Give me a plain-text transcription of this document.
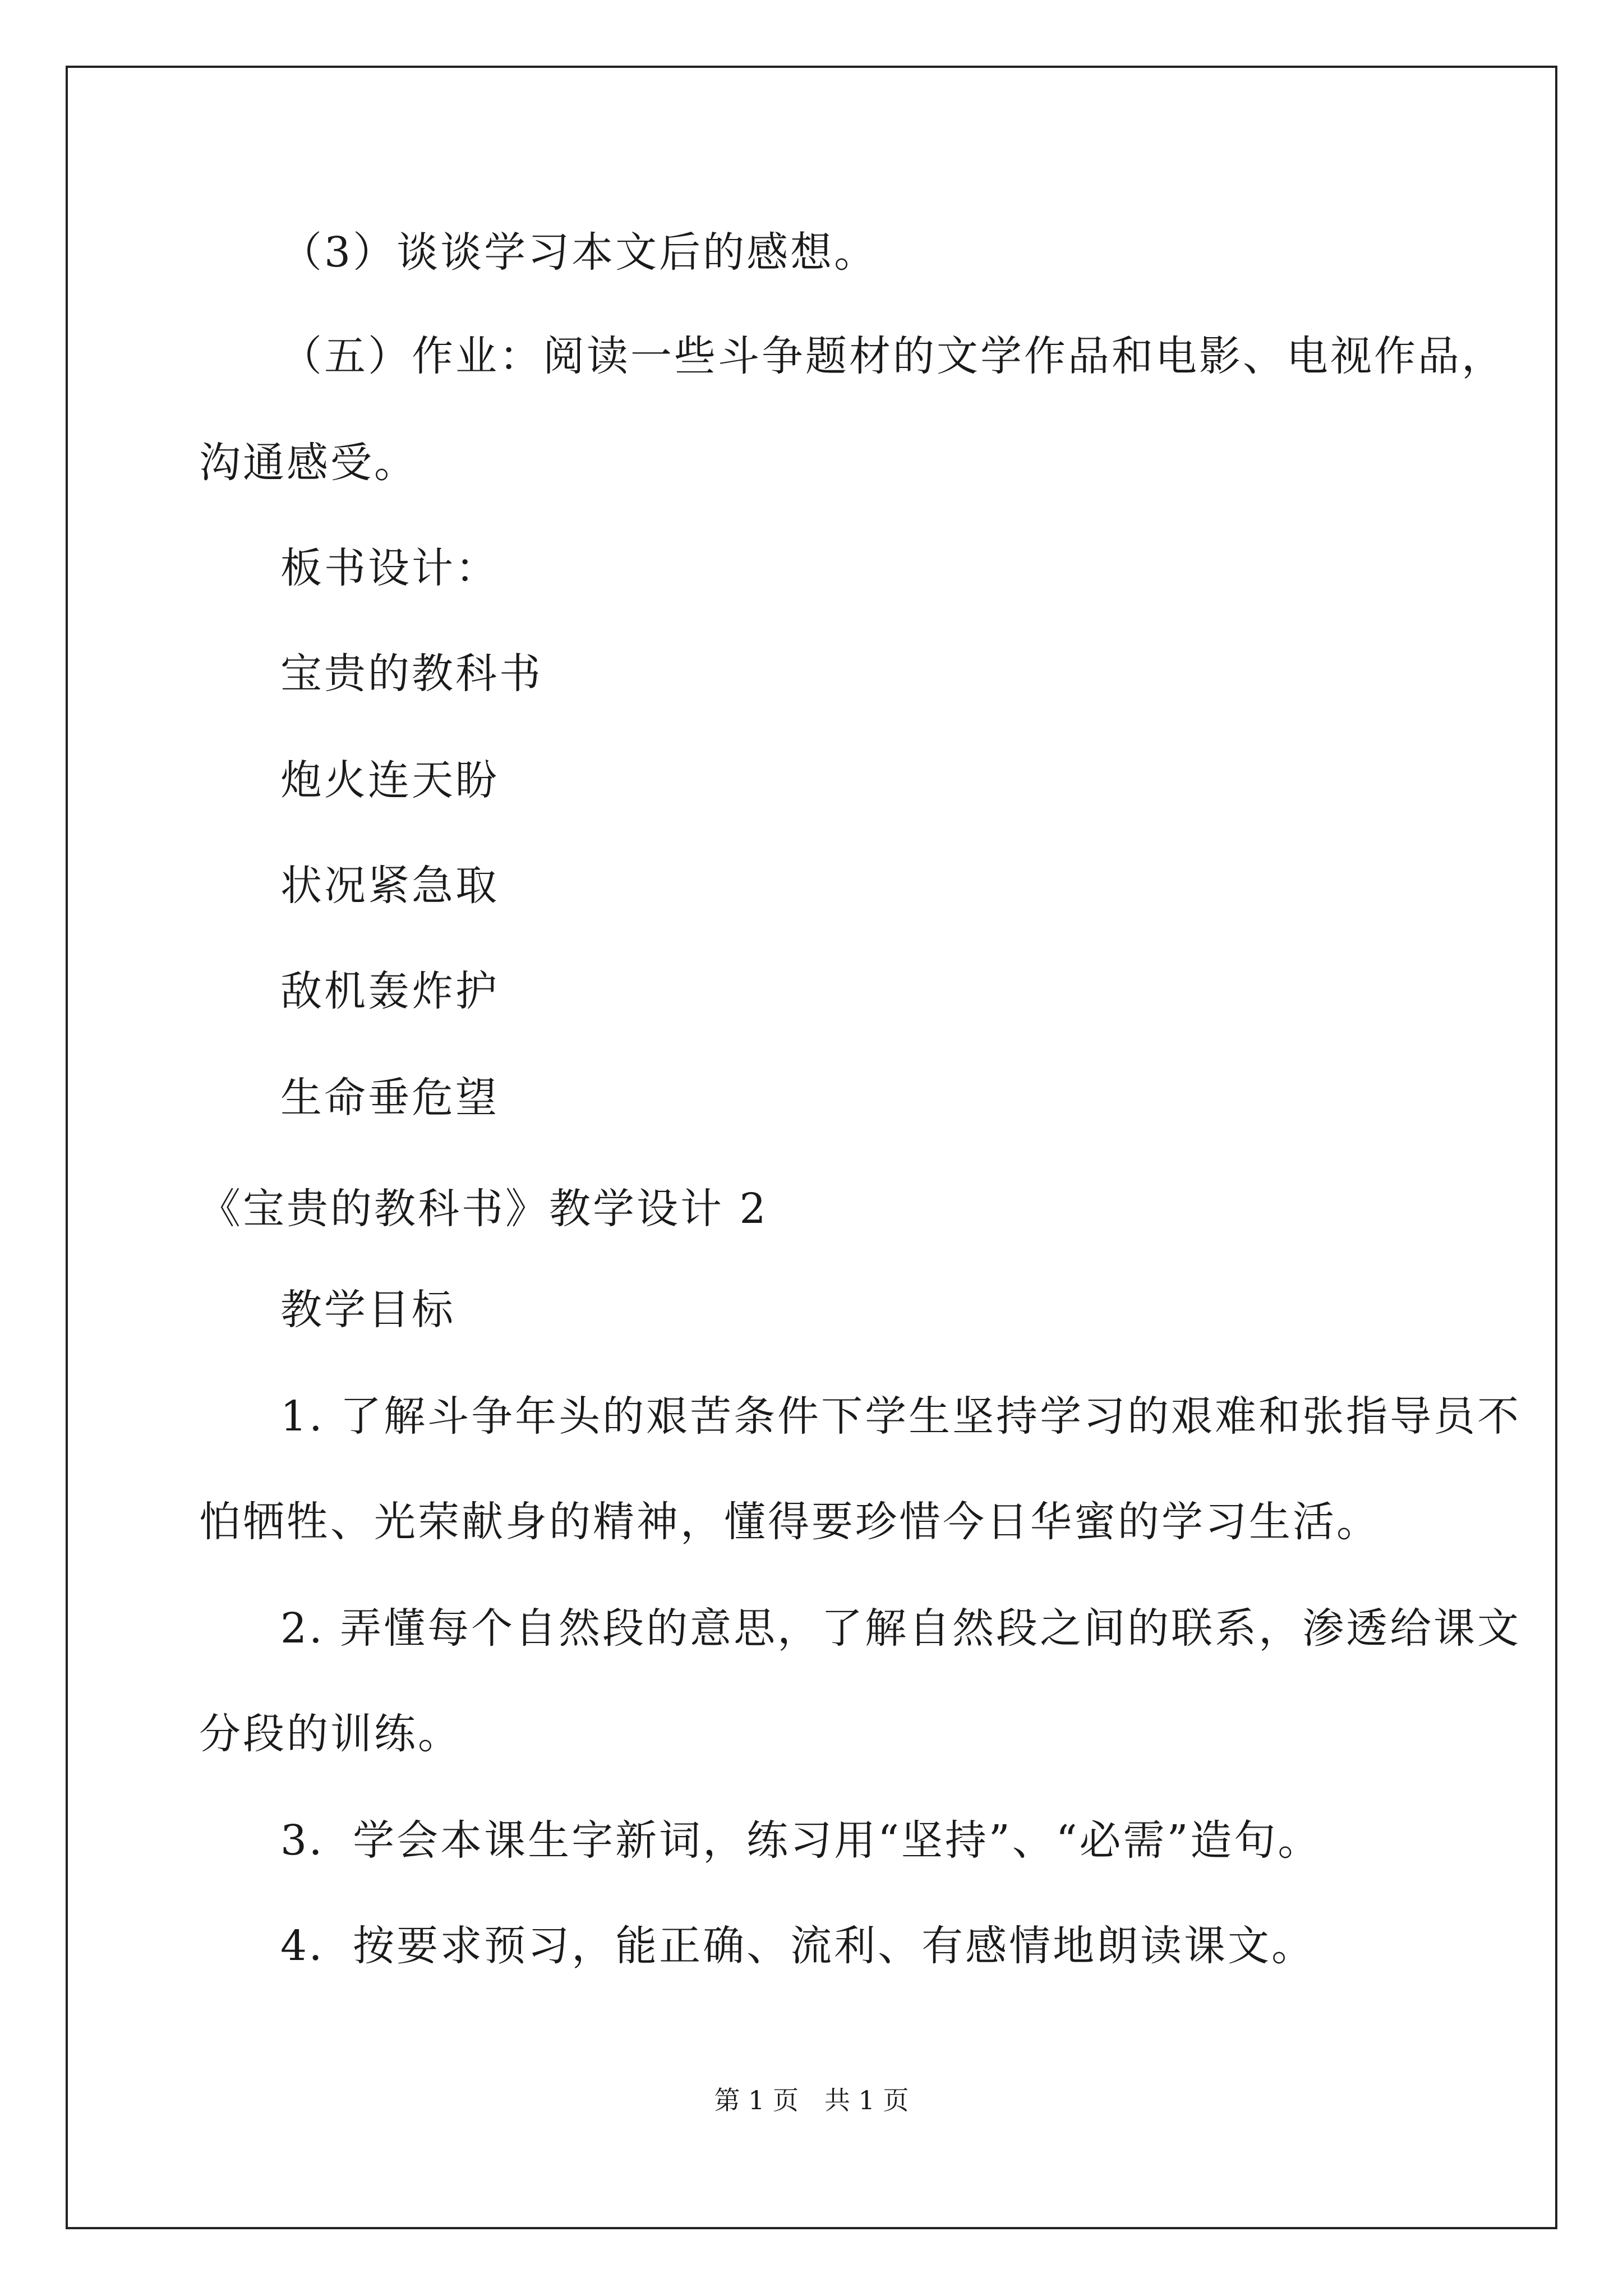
（3）谈谈学习本文后的感想。
（五）作业：阅读一些斗争题材的文学作品和电影、电视作品，
沟通感受。
板书设计：
宝贵的教科书
炮火连天盼
状况紧急取
敌机轰炸护
生命垂危望
《宝贵的教科书》教学设计 2
教学目标
1. 了解斗争年头的艰苦条件下学生坚持学习的艰难和张指导员不
怕牺牲、光荣献身的精神，懂得要珍惜今日华蜜的学习生活。
2. 弄懂每个自然段的意思，了解自然段之间的联系，渗透给课文
分段的训练。
3．学会本课生字新词，练习用“坚持”、“必需”造句。
4．按要求预习，能正确、流利、有感情地朗读课文。
第 1 页　共 1 页
